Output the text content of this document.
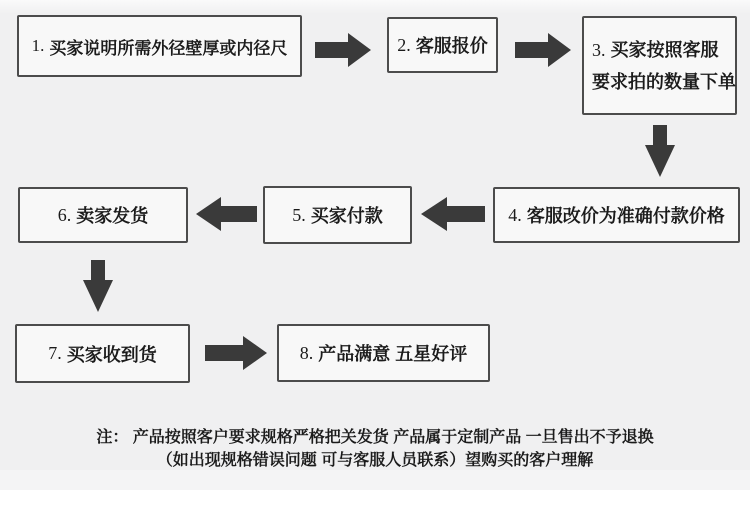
1. 买家说明所需外径壁厚或内径尺	2. 客服报价	3. 买家按照客服
要求拍的数量下单
4. 客服改价为准确付款价格
5. 买家付款
6. 卖家发货
7. 买家收到货	8. 产品满意 五星好评
注： 产品按照客户要求规格严格把关发货 产品属于定制产品 一旦售出不予退换
（如出现规格错误问题 可与客服人员联系）望购买的客户理解
